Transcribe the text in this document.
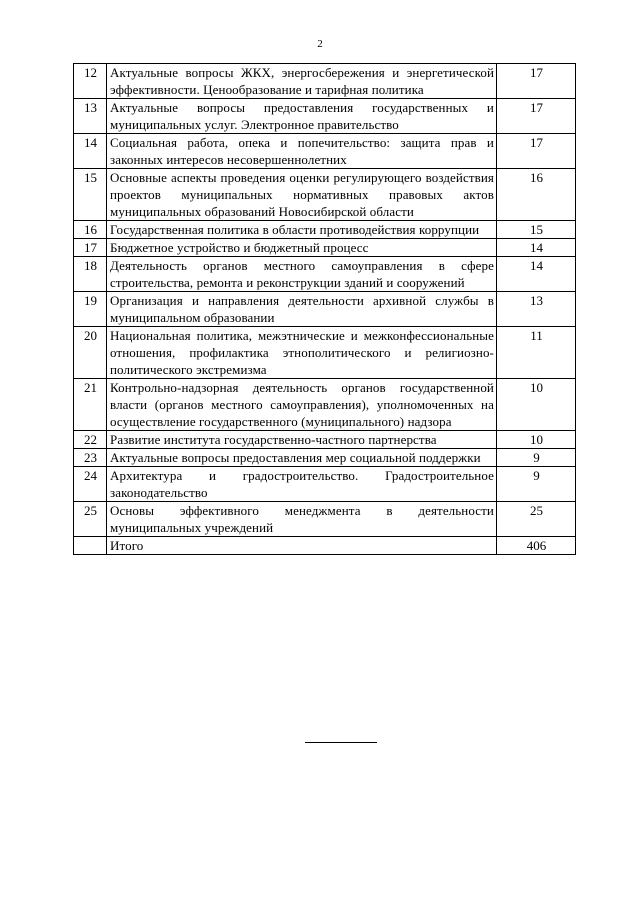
2
12	Актуальные вопросы ЖКХ, энергосбережения и энергетической эффективности. Ценообразование и тарифная политика	17
13	Актуальные вопросы предоставления государственных и муниципальных услуг. Электронное правительство	17
14	Социальная работа, опека и попечительство: защита прав и законных интересов несовершеннолетних	17
15	Основные аспекты проведения оценки регулирующего воздействия проектов муниципальных нормативных правовых актов муниципальных образований Новосибирской области	16
16	Государственная политика в области противодействия коррупции	15
17	Бюджетное устройство и бюджетный процесс	14
18	Деятельность органов местного самоуправления в сфере строительства, ремонта и реконструкции зданий и сооружений	14
19	Организация и направления деятельности архивной службы в муниципальном образовании	13
20	Национальная политика, межэтнические и межконфессиональные отношения, профилактика этнополитического и религиозно-политического экстремизма	11
21	Контрольно-надзорная деятельность органов государственной власти (органов местного самоуправления), уполномоченных на осуществление государственного (муниципального) надзора	10
22	Развитие института государственно-частного партнерства	10
23	Актуальные вопросы предоставления мер социальной поддержки	9
24	Архитектура и градостроительство. Градостроительное законодательство	9
25	Основы эффективного менеджмента в деятельности муниципальных учреждений	25
	Итого	406
